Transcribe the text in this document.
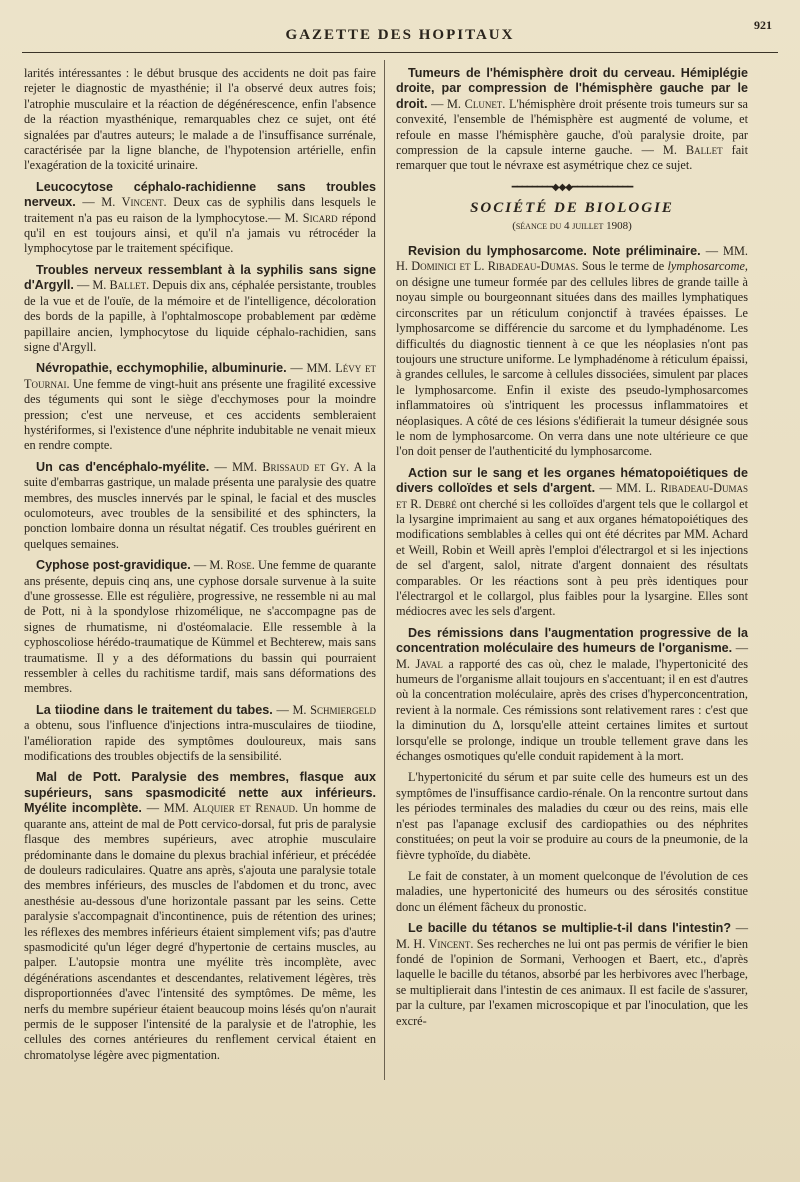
GAZETTE DES HOPITAUX
921

larités intéressantes : le début brusque des accidents ne doit pas faire rejeter le diagnostic de myasthénie; il l'a observé deux autres fois; l'atrophie musculaire et la réaction de dégénérescence, enfin l'absence de la réaction myasthénique, remarquables chez ce sujet, ont été signalées par d'autres auteurs; le malade a de l'insuffisance surrénale, caractérisée par la ligne blanche, de l'hypotension artérielle, enfin l'exagération de la toxicité urinaire.

Leucocytose céphalo-rachidienne sans troubles nerveux. — M. Vincent. Deux cas de syphilis dans lesquels le traitement n'a pas eu raison de la lymphocytose.— M. Sicard répond qu'il en est toujours ainsi, et qu'il n'a jamais vu rétrocéder la lymphocytose par le traitement spécifique.

Troubles nerveux ressemblant à la syphilis sans signe d'Argyll. — M. Ballet. Depuis dix ans, céphalée persistante, troubles de la vue et de l'ouïe, de la mémoire et de l'intelligence, décoloration des bords de la papille, à l'ophtalmoscope probablement par œdème papillaire ancien, lymphocytose du liquide céphalo-rachidien, sans signe d'Argyll.

Névropathie, ecchymophilie, albuminurie. — MM. Lévy et Tournai. Une femme de vingt-huit ans présente une fragilité excessive des téguments qui sont le siège d'ecchymoses pour la moindre pression; c'est une nerveuse, et ces accidents sembleraient hystériformes, si l'existence d'une néphrite indubitable ne venait mieux en rendre compte.

Un cas d'encéphalo-myélite. — MM. Brissaud et Gy. A la suite d'embarras gastrique, un malade présenta une paralysie des quatre membres, des muscles innervés par le spinal, le facial et des muscles oculomoteurs, avec troubles de la sensibilité et des sphincters, la ponction lombaire donna un résultat négatif. Ces troubles guérirent en quelques semaines.

Cyphose post-gravidique. — M. Rose. Une femme de quarante ans présente, depuis cinq ans, une cyphose dorsale survenue à la suite d'une grossesse. Elle est régulière, progressive, ne ressemble ni au mal de Pott, ni à la spondylose rhizomélique, ne s'accompagne pas de signes de rhumatisme, ni d'ostéomalacie. Elle ressemble à la cyphoscoliose hérédo-traumatique de Kümmel et Bechterew, mais sans traumatisme. Il y a des déformations du bassin qui pourraient ressembler à celles du rachitisme tardif, mais sans déformations des membres.

La tiiodine dans le traitement du tabes. — M. Schmiergeld a obtenu, sous l'influence d'injections intra-musculaires de tiiodine, l'amélioration rapide des symptômes douloureux, mais sans modifications des troubles objectifs de la sensibilité.

Mal de Pott. Paralysie des membres, flasque aux supérieurs, sans spasmodicité nette aux inférieurs. Myélite incomplète. — MM. Alquier et Renaud. Un homme de quarante ans, atteint de mal de Pott cervico-dorsal, fut pris de paralysie flasque des membres supérieurs, avec atrophie musculaire prédominante dans le domaine du plexus brachial inférieur, et précédée de douleurs radiculaires. Quatre ans après, s'ajouta une paralysie totale des membres inférieurs, des muscles de l'abdomen et du tronc, avec anesthésie au-dessous d'une horizontale passant par les seins. Cette paralysie s'accompagnait d'incontinence, puis de rétention des urines; les réflexes des membres inférieurs étaient simplement vifs; pas d'autre spasmodicité qu'un léger degré d'hypertonie de certains muscles, au palper. L'autopsie montra une myélite très incomplète, avec dégénérations ascendantes et descendantes, relativement légères, très disproportionnées d'avec l'intensité des symptômes. De même, les nerfs du membre supérieur étaient beaucoup moins lésés qu'on n'aurait permis de le supposer l'intensité de la paralysie et de l'atrophie, les cellules des cornes antérieures du renflement cervical étaient en chromatolyse légère avec pigmentation.

Tumeurs de l'hémisphère droit du cerveau. Hémiplégie droite, par compression de l'hémisphère gauche par le droit. — M. Clunet. L'hémisphère droit présente trois tumeurs sur sa convexité, l'ensemble de l'hémisphère est augmenté de volume, et refoule en masse l'hémisphère gauche, d'où paralysie droite, par compression de la capsule interne gauche. — M. Ballet fait remarquer que tout le névraxe est asymétrique chez ce sujet.

━━━━━━━━◆◆◆━━━━━━━━━━━━
SOCIÉTÉ DE BIOLOGIE
(séance du 4 juillet 1908)

Revision du lymphosarcome. Note préliminaire. — MM. H. Dominici et L. Ribadeau-Dumas. Sous le terme de lymphosarcome, on désigne une tumeur formée par des cellules libres de grande taille à noyau simple ou bourgeonnant situées dans des mailles lymphatiques circonscrites par un réticulum conjonctif à travées épaisses. Le lymphosarcome se différencie du sarcome et du lymphadénome. Les difficultés du diagnostic tiennent à ce que les néoplasies n'ont pas toujours une structure uniforme. Le lymphadénome à réticulum épaissi, à grandes cellules, le sarcome à cellules dissociées, simulent par places le lymphosarcome. Enfin il existe des pseudo-lymphosarcomes inflammatoires où s'intriquent les processus inflammatoires et néoplasiques. A côté de ces lésions s'édifierait la tumeur désignée sous le nom de lymphosarcome. On verra dans une note ultérieure ce que l'on doit penser de l'authenticité du lymphosarcome.

Action sur le sang et les organes hématopoiétiques de divers colloïdes et sels d'argent. — MM. L. Ribadeau-Dumas et R. Debré ont cherché si les colloïdes d'argent tels que le collargol et la lysargine imprimaient au sang et aux organes hématopoiétiques des modifications semblables à celles qui ont été décrites par MM. Achard et Weill, Robin et Weill après l'emploi d'électrargol et si les injections de sel d'argent, salol, nitrate d'argent donnaient des résultats comparables. Or les réactions sont à peu près identiques pour l'électrargol et le collargol, plus faibles pour la lysargine. Elles sont médiocres avec les sels d'argent.

Des rémissions dans l'augmentation progressive de la concentration moléculaire des humeurs de l'organisme. — M. Javal a rapporté des cas où, chez le malade, l'hypertonicité des humeurs de l'organisme allait toujours en s'accentuant; il en est d'autres où la concentration moléculaire, après des crises d'hyperconcentration, revient à la normale. Ces rémissions sont relativement rares : c'est que la diminution du Δ, lorsqu'elle atteint certaines limites et surtout lorsqu'elle se prolonge, indique un trouble tellement grave dans les échanges osmotiques qu'elle conduit rapidement à la mort.

L'hypertonicité du sérum et par suite celle des humeurs est un des symptômes de l'insuffisance cardio-rénale. On la rencontre surtout dans les périodes terminales des maladies du cœur ou des reins, mais elle n'est pas l'apanage exclusif des cardiopathies ou des néphrites constituées; on peut la voir se produire au cours de la pneumonie, de la fièvre typhoïde, du diabète.

Le fait de constater, à un moment quelconque de l'évolution de ces maladies, une hypertonicité des humeurs ou des sérosités constitue donc un élément fâcheux du pronostic.

Le bacille du tétanos se multiplie-t-il dans l'intestin? — M. H. Vincent. Ses recherches ne lui ont pas permis de vérifier le bien fondé de l'opinion de Sormani, Verhoogen et Baert, etc., d'après laquelle le bacille du tétanos, absorbé par les herbivores avec l'herbage, se multiplierait dans l'intestin de ces animaux. Il est facile de s'assurer, par la culture, par l'examen microscopique et par l'inoculation, que les excré-
